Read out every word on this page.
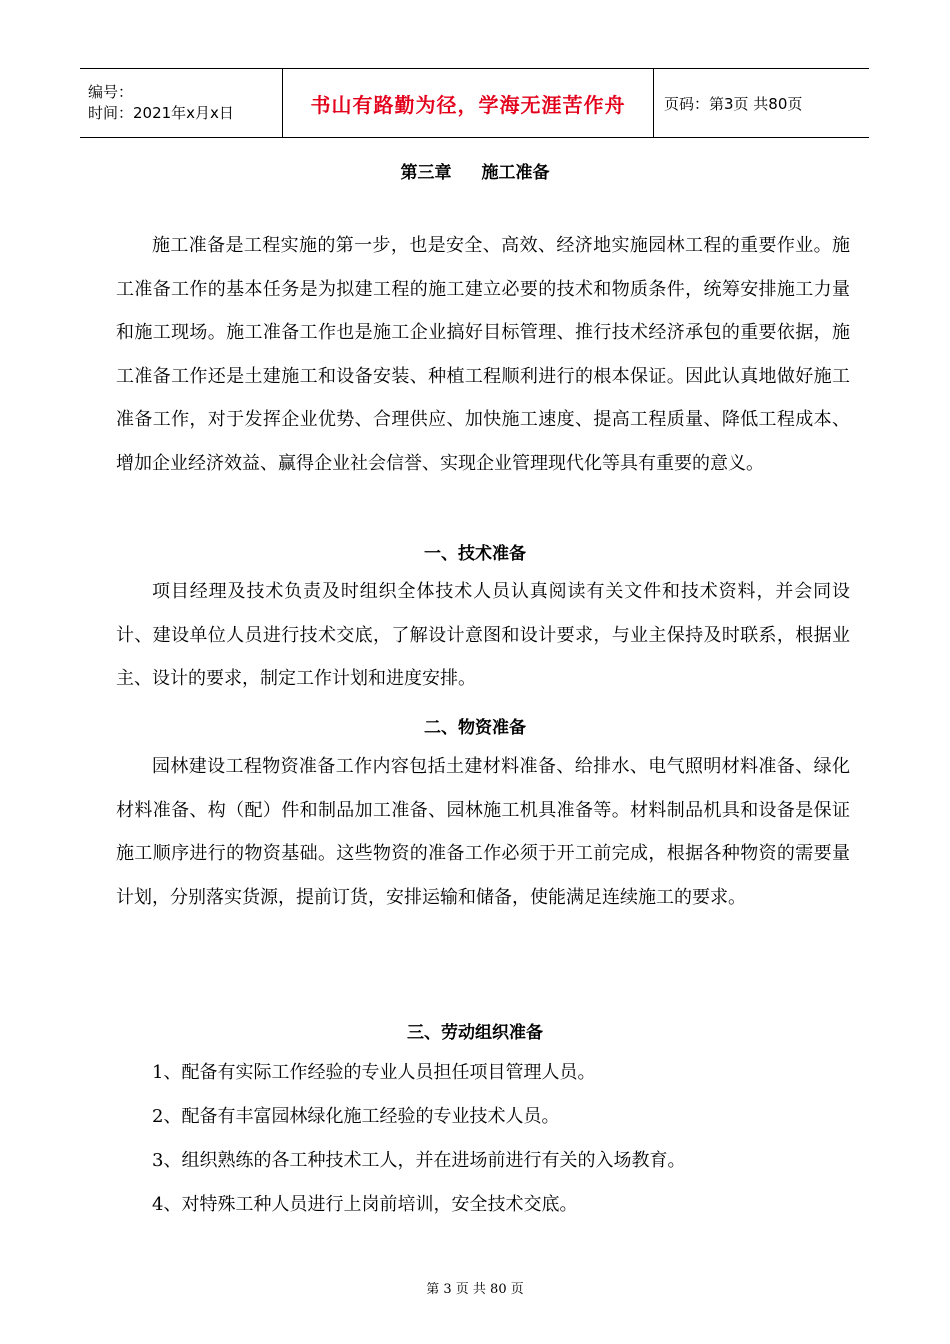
编号：
时间：2021年x月x日	书山有路勤为径，学海无涯苦作舟	页码：第3页 共80页
第三章 施工准备

施工准备是工程实施的第一步，也是安全、高效、经济地实施园林工程的重要作业。施工准备工作的基本任务是为拟建工程的施工建立必要的技术和物质条件，统筹安排施工力量和施工现场。施工准备工作也是施工企业搞好目标管理、推行技术经济承包的重要依据，施工准备工作还是土建施工和设备安装、种植工程顺利进行的根本保证。因此认真地做好施工准备工作，对于发挥企业优势、合理供应、加快施工速度、提高工程质量、降低工程成本、增加企业经济效益、赢得企业社会信誉、实现企业管理现代化等具有重要的意义。

一、技术准备

项目经理及技术负责及时组织全体技术人员认真阅读有关文件和技术资料，并会同设计、建设单位人员进行技术交底，了解设计意图和设计要求，与业主保持及时联系，根据业主、设计的要求，制定工作计划和进度安排。

二、物资准备

园林建设工程物资准备工作内容包括土建材料准备、给排水、电气照明材料准备、绿化材料准备、构（配）件和制品加工准备、园林施工机具准备等。材料制品机具和设备是保证施工顺序进行的物资基础。这些物资的准备工作必须于开工前完成，根据各种物资的需要量计划，分别落实货源，提前订货，安排运输和储备，使能满足连续施工的要求。

三、劳动组织准备
1、配备有实际工作经验的专业人员担任项目管理人员。
2、配备有丰富园林绿化施工经验的专业技术人员。
3、组织熟练的各工种技术工人，并在进场前进行有关的入场教育。
4、对特殊工种人员进行上岗前培训，安全技术交底。
第 3 页 共 80 页
